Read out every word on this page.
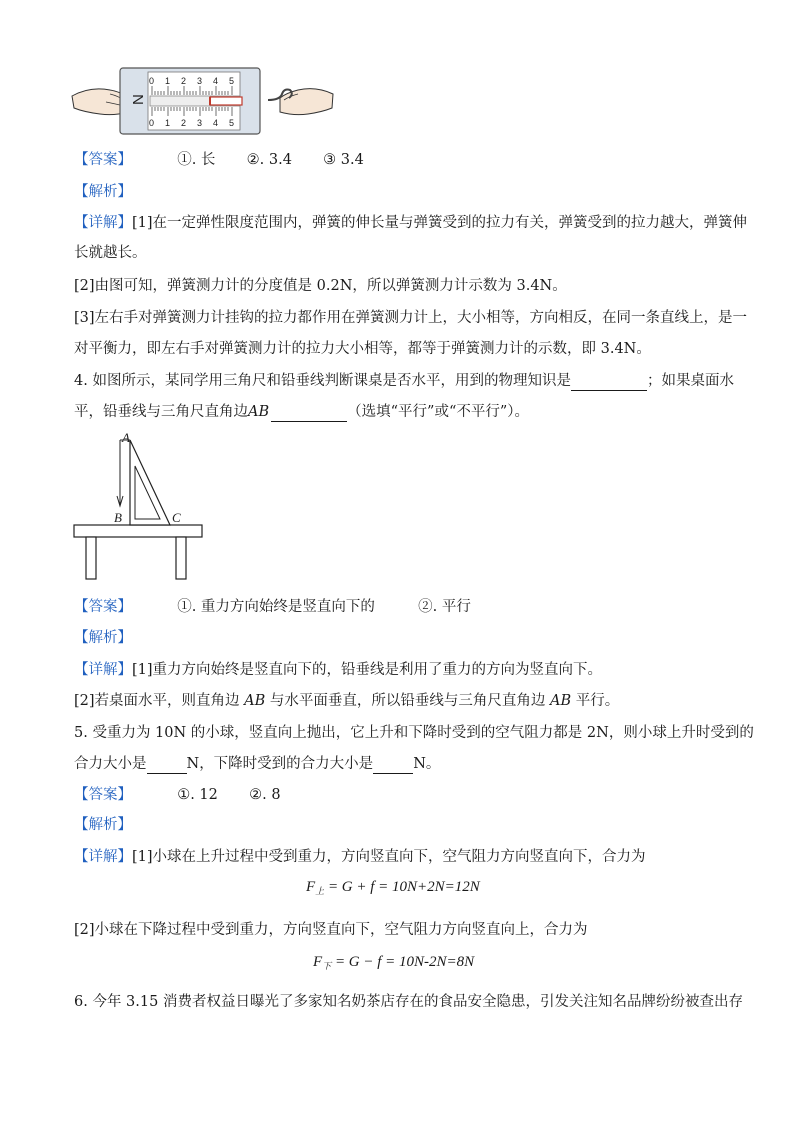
N
0 1 2 3 4 5
0 1 2 3 4 5
【答案】	①. 长 ②. 3.4 ③ 3.4
【解析】
【详解】[1]在一定弹性限度范围内，弹簧的伸长量与弹簧受到的拉力有关，弹簧受到的拉力越大，弹簧伸
长就越长。
[2]由图可知，弹簧测力计的分度值是 0.2N，所以弹簧测力计示数为 3.4N。
[3]左右手对弹簧测力计挂钩的拉力都作用在弹簧测力计上，大小相等，方向相反，在同一条直线上，是一
对平衡力，即左右手对弹簧测力计的拉力大小相等，都等于弹簧测力计的示数，即 3.4N。
4. 如图所示，某同学用三角尺和铅垂线判断课桌是否水平，用到的物理知识是	；如果桌面水
平，铅垂线与三角尺直角边AB	（选填“平行”或“不平行”）。
A
B	C
【答案】	①. 重力方向始终是竖直向下的	②. 平行
【解析】
【详解】[1]重力方向始终是竖直向下的，铅垂线是利用了重力的方向为竖直向下。
[2]若桌面水平，则直角边 AB 与水平面垂直，所以铅垂线与三角尺直角边 AB 平行。
5. 受重力为 10N 的小球，竖直向上抛出，它上升和下降时受到的空气阻力都是 2N，则小球上升时受到的
合力大小是	N，下降时受到的合力大小是	N。
【答案】	①. 12 ②. 8
【解析】
【详解】[1]小球在上升过程中受到重力，方向竖直向下，空气阻力方向竖直向下，合力为
$F_上 = G + f = 10N+2N=12N$
[2]小球在下降过程中受到重力，方向竖直向下，空气阻力方向竖直向上，合力为
$F_下 = G - f = 10N-2N=8N$
6. 今年 3.15 消费者权益日曝光了多家知名奶茶店存在的食品安全隐患，引发关注知名品牌纷纷被查出存
